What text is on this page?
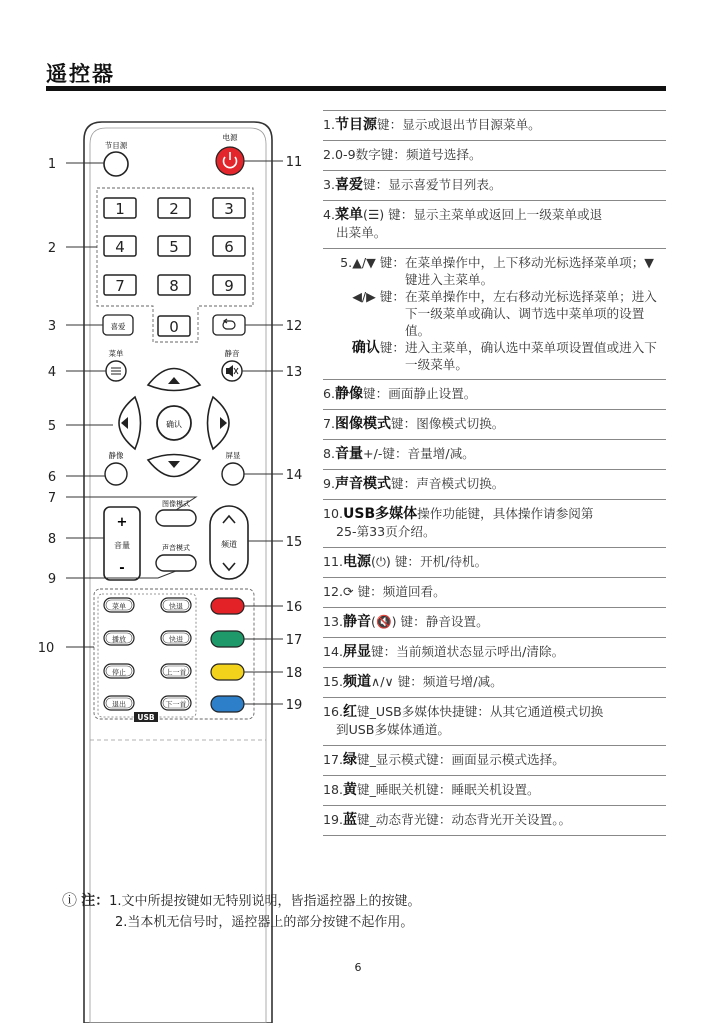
遥控器
节目源
电源
1	2	3
4	5	6
7	8	9
0
喜爱
菜单	静音
确认
静像	屏显
图像模式
+
音量
-
声音模式	频道
USB
菜单	快退
播放	快进
停止	上一首
退出	下一首
1
2
3
4
5
6
7
8
9
10
11
12
13
14
15
16
17
18
19
1.节目源键：显示或退出节目源菜单。
2.0-9数字键：频道号选择。
3.喜爱键：显示喜爱节目列表。
4.菜单(☰) 键：显示主菜单或返回上一级菜单或退
出菜单。
5.▲/▼ 键： 在菜单操作中，上下移动光标选择菜单项；▼键进入主菜单。
◀/▶ 键： 在菜单操作中，左右移动光标选择菜单；进入下一级菜单或确认、调节选中菜单项的设置值。
确认键： 进入主菜单，确认选中菜单项设置值或进入下一级菜单。
6.静像键：画面静止设置。
7.图像模式键：图像模式切换。
8.音量+/-键：音量增/减。
9.声音模式键：声音模式切换。
10.USB多媒体操作功能键，具体操作请参阅第
25-第33页介绍。
11.电源(⏻) 键：开机/待机。
12.⟳ 键：频道回看。
13.静音(🔇) 键：静音设置。
14.屏显键：当前频道状态显示呼出/清除。
15.频道∧/∨ 键：频道号增/减。
16.红键_USB多媒体快捷键：从其它通道模式切换
到USB多媒体通道。
17.绿键_显示模式键：画面显示模式选择。
18.黄键_睡眠关机键：睡眠关机设置。
19.蓝键_动态背光键：动态背光开关设置。。
ⓘ 注：1.文中所提按键如无特别说明，皆指遥控器上的按键。
2.当本机无信号时，遥控器上的部分按键不起作用。
6
